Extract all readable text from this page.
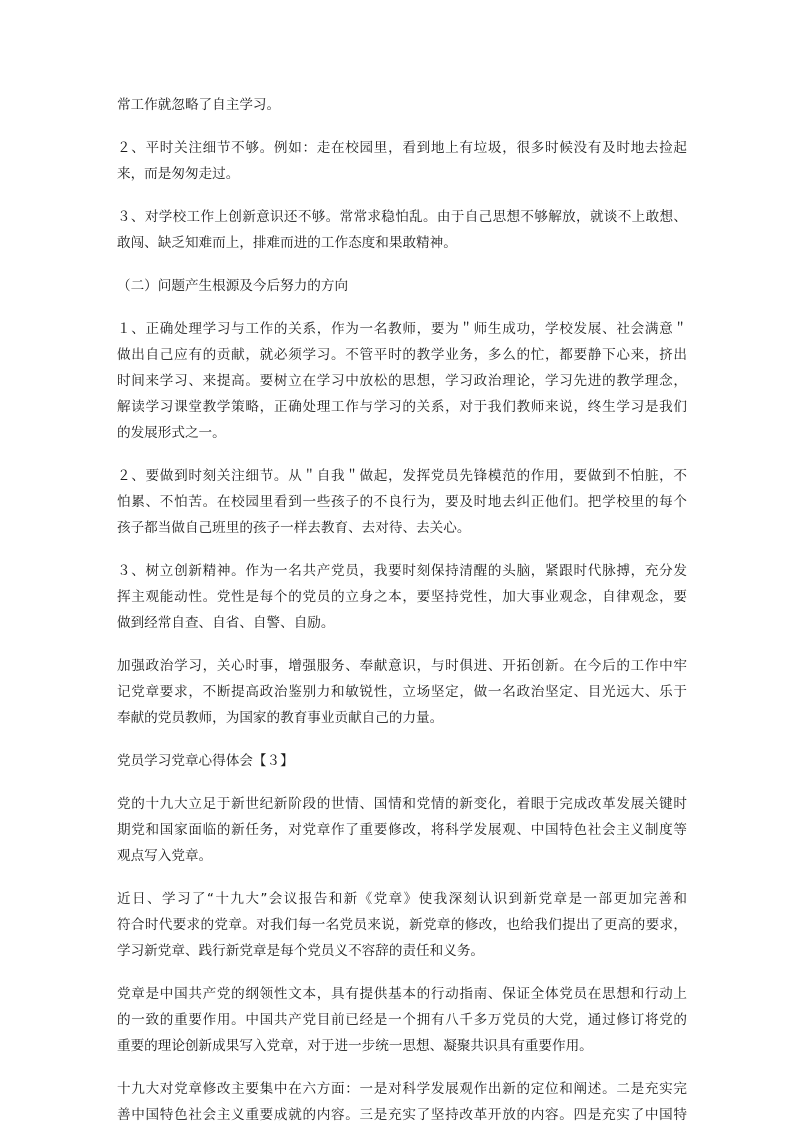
常工作就忽略了自主学习。
２、平时关注细节不够。例如：走在校园里，看到地上有垃圾，很多时候没有及时地去捡起
来，而是匆匆走过。
３、对学校工作上创新意识还不够。常常求稳怕乱。由于自己思想不够解放，就谈不上敢想、
敢闯、缺乏知难而上，排难而进的工作态度和果敢精神。
（二）问题产生根源及今后努力的方向
１、正确处理学习与工作的关系，作为一名教师，要为＂师生成功，学校发展、社会满意＂
做出自己应有的贡献，就必须学习。不管平时的教学业务，多么的忙，都要静下心来，挤出
时间来学习、来提高。要树立在学习中放松的思想，学习政治理论，学习先进的教学理念，
解读学习课堂教学策略，正确处理工作与学习的关系，对于我们教师来说，终生学习是我们
的发展形式之一。
２、要做到时刻关注细节。从＂自我＂做起，发挥党员先锋模范的作用，要做到不怕脏，不
怕累、不怕苦。在校园里看到一些孩子的不良行为，要及时地去纠正他们。把学校里的每个
孩子都当做自己班里的孩子一样去教育、去对待、去关心。
３、树立创新精神。作为一名共产党员，我要时刻保持清醒的头脑，紧跟时代脉搏，充分发
挥主观能动性。党性是每个的党员的立身之本，要坚持党性，加大事业观念，自律观念，要
做到经常自查、自省、自警、自励。
加强政治学习，关心时事，增强服务、奉献意识，与时俱进、开拓创新。在今后的工作中牢
记党章要求，不断提高政治鉴别力和敏锐性，立场坚定，做一名政治坚定、目光远大、乐于
奉献的党员教师，为国家的教育事业贡献自己的力量。
党员学习党章心得体会【３】
党的十九大立足于新世纪新阶段的世情、国情和党情的新变化，着眼于完成改革发展关键时
期党和国家面临的新任务，对党章作了重要修改，将科学发展观、中国特色社会主义制度等
观点写入党章。
近日、学习了“十九大”会议报告和新《党章》使我深刻认识到新党章是一部更加完善和
符合时代要求的党章。对我们每一名党员来说，新党章的修改，也给我们提出了更高的要求，
学习新党章、践行新党章是每个党员义不容辞的责任和义务。
党章是中国共产党的纲领性文本，具有提供基本的行动指南、保证全体党员在思想和行动上
的一致的重要作用。中国共产党目前已经是一个拥有八千多万党员的大党，通过修订将党的
重要的理论创新成果写入党章，对于进一步统一思想、凝聚共识具有重要作用。
十九大对党章修改主要集中在六方面：一是对科学发展观作出新的定位和阐述。二是充实完
善中国特色社会主义重要成就的内容。三是充实了坚持改革开放的内容。四是充实了中国特
